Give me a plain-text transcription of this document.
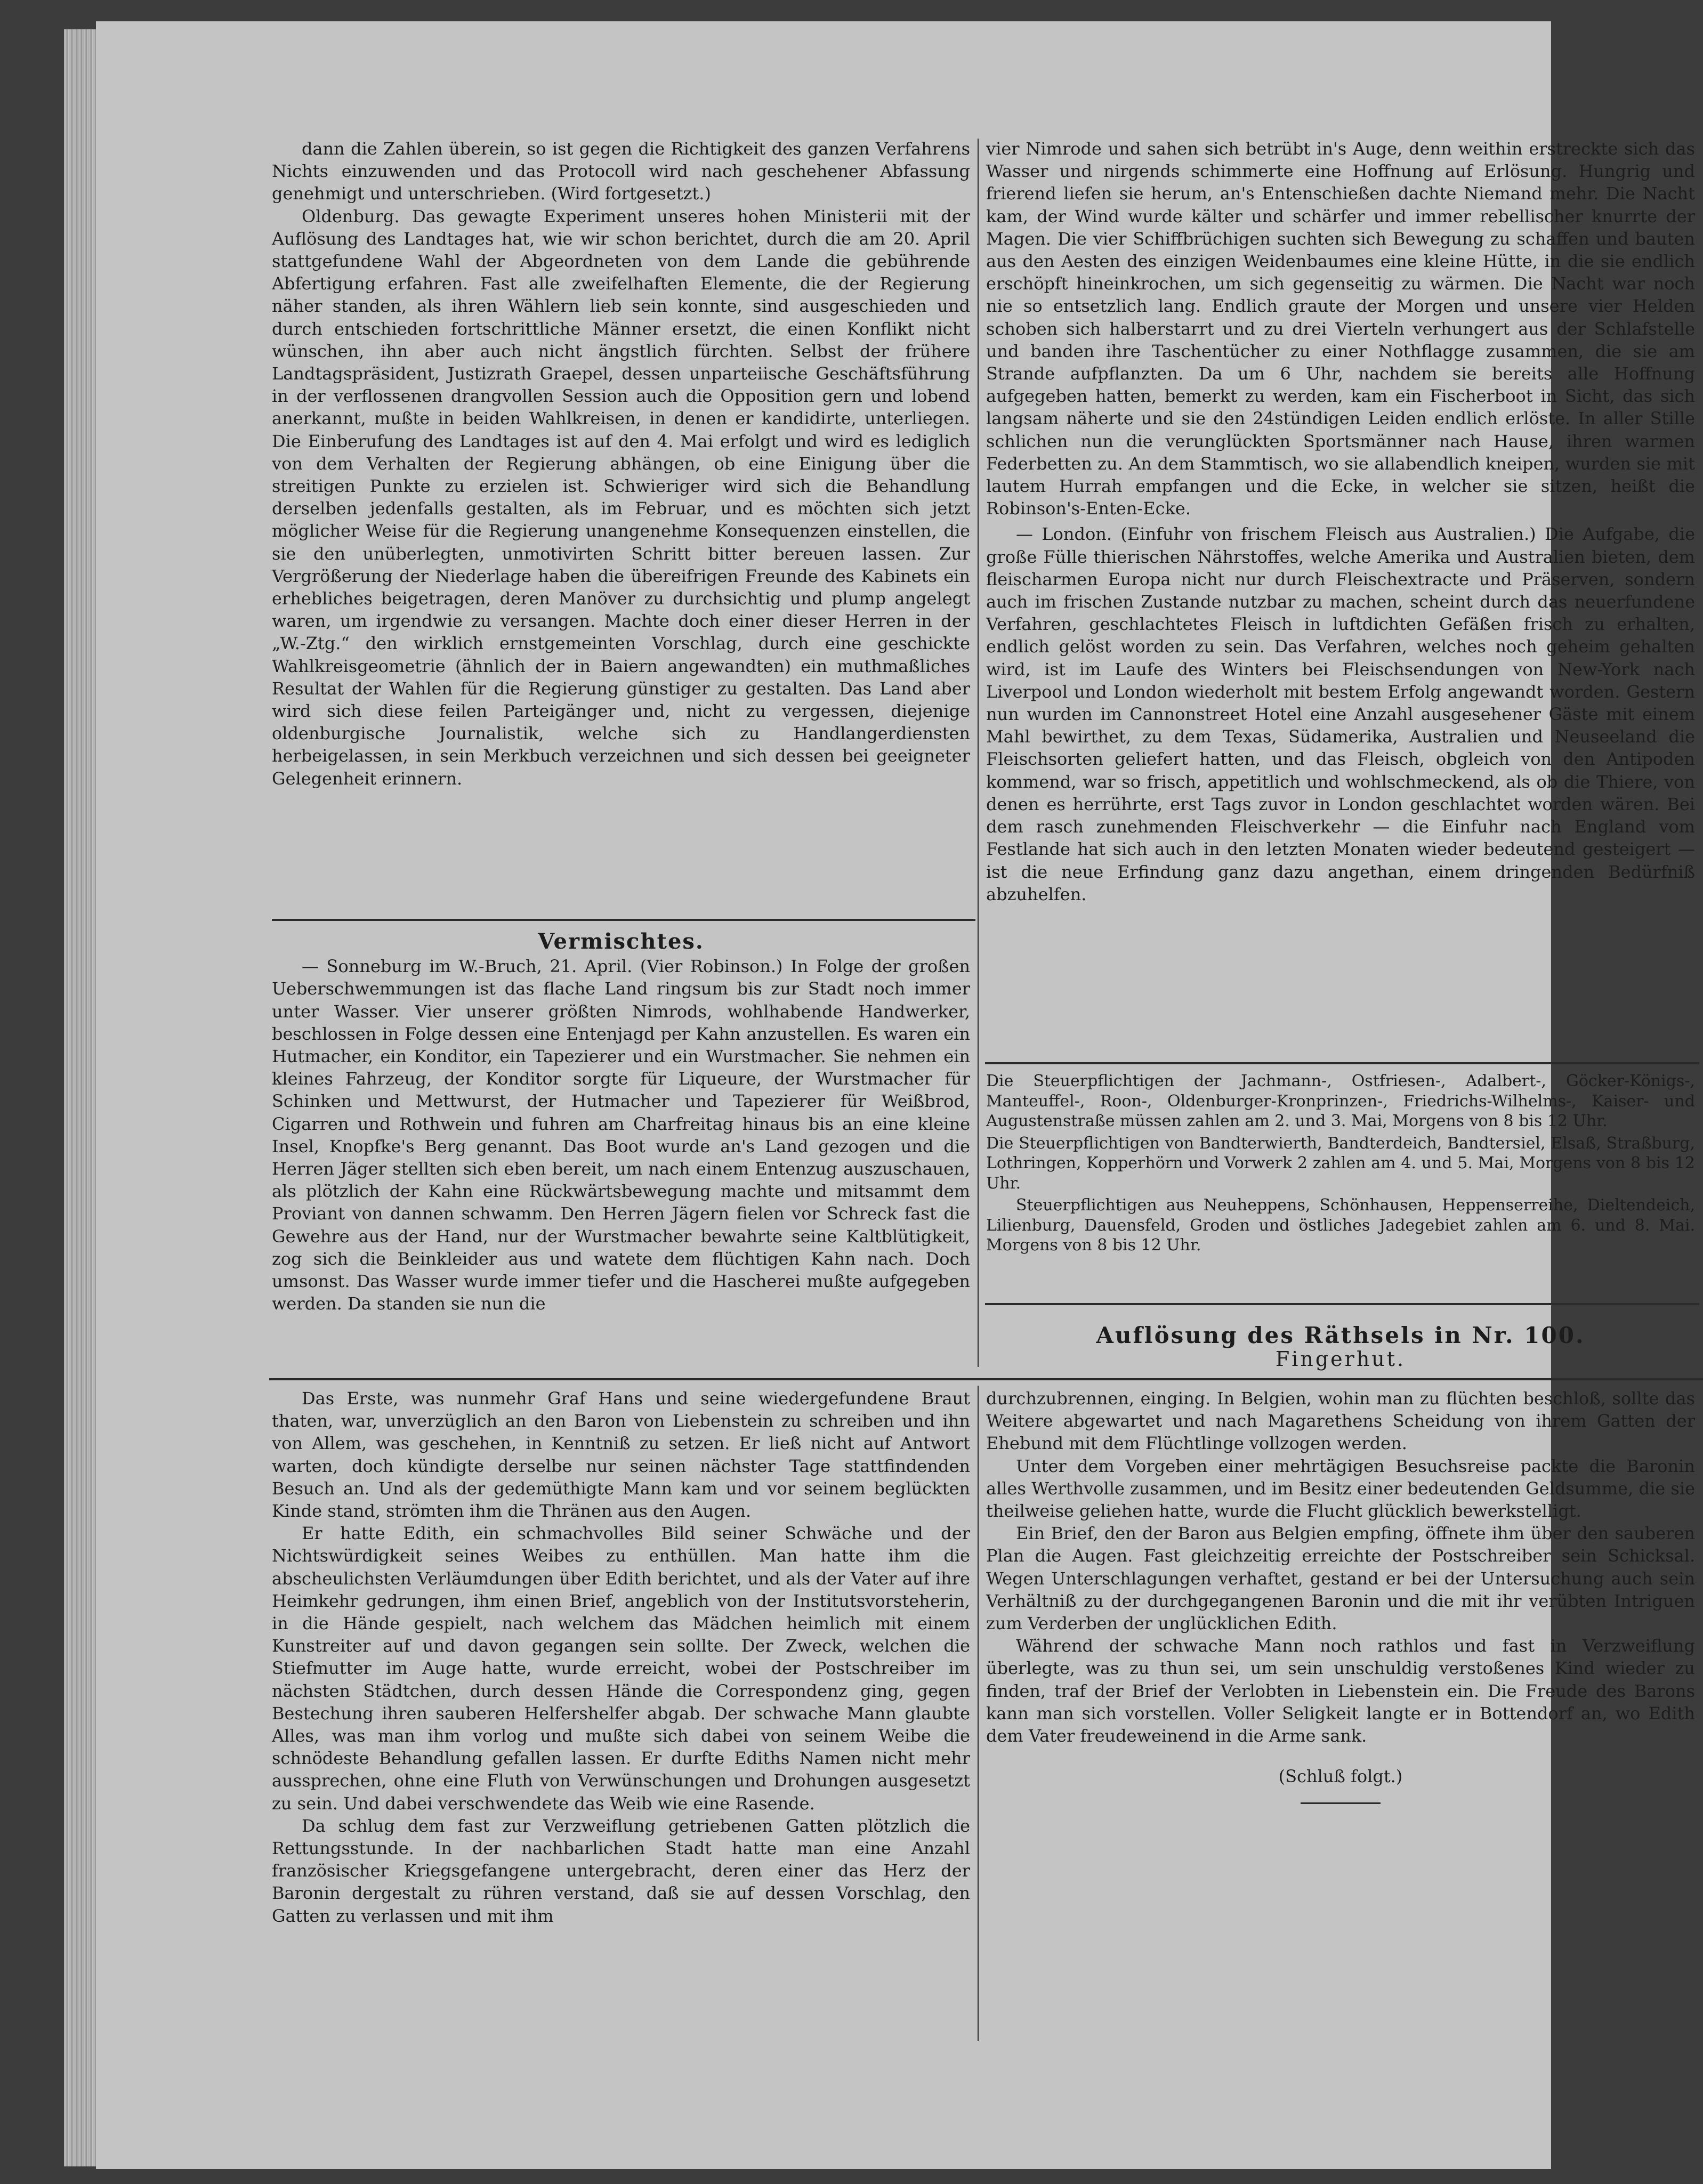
dann die Zahlen überein, so ist gegen die Richtigkeit des ganzen Verfahrens Nichts einzuwenden und das Protocoll wird nach geschehener Abfassung genehmigt und unterschrieben. (Wird fortgesetzt.)

Oldenburg. Das gewagte Experiment unseres hohen Ministerii mit der Auflösung des Landtages hat, wie wir schon berichtet, durch die am 20. April stattgefundene Wahl der Abgeordneten von dem Lande die gebührende Abfertigung erfahren. Fast alle zweifelhaften Elemente, die der Regierung näher standen, als ihren Wählern lieb sein konnte, sind ausgeschieden und durch entschieden fortschrittliche Männer ersetzt, die einen Konflikt nicht wünschen, ihn aber auch nicht ängstlich fürchten. Selbst der frühere Landtagspräsident, Justizrath Graepel, dessen unparteiische Geschäftsführung in der verflossenen drangvollen Session auch die Opposition gern und lobend anerkannt, mußte in beiden Wahlkreisen, in denen er kandidirte, unterliegen. Die Einberufung des Landtages ist auf den 4. Mai erfolgt und wird es lediglich von dem Verhalten der Regierung abhängen, ob eine Einigung über die streitigen Punkte zu erzielen ist. Schwieriger wird sich die Behandlung derselben jedenfalls gestalten, als im Februar, und es möchten sich jetzt möglicher Weise für die Regierung unangenehme Konsequenzen einstellen, die sie den unüberlegten, unmotivirten Schritt bitter bereuen lassen. Zur Vergrößerung der Niederlage haben die übereifrigen Freunde des Kabinets ein erhebliches beigetragen, deren Manöver zu durchsichtig und plump angelegt waren, um irgendwie zu versangen. Machte doch einer dieser Herren in der „W.-Ztg.“ den wirklich ernstgemeinten Vorschlag, durch eine geschickte Wahlkreisgeometrie (ähnlich der in Baiern angewandten) ein muthmaßliches Resultat der Wahlen für die Regierung günstiger zu gestalten. Das Land aber wird sich diese feilen Parteigänger und, nicht zu vergessen, diejenige oldenburgische Journalistik, welche sich zu Handlangerdiensten herbeigelassen, in sein Merkbuch verzeichnen und sich dessen bei geeigneter Gelegenheit erinnern.

Vermischtes.

— Sonneburg im W.-Bruch, 21. April. (Vier Robinson.) In Folge der großen Ueberschwemmungen ist das flache Land ringsum bis zur Stadt noch immer unter Wasser. Vier unserer größten Nimrods, wohlhabende Handwerker, beschlossen in Folge dessen eine Entenjagd per Kahn anzustellen. Es waren ein Hutmacher, ein Konditor, ein Tapezierer und ein Wurstmacher. Sie nehmen ein kleines Fahrzeug, der Konditor sorgte für Liqueure, der Wurstmacher für Schinken und Mettwurst, der Hutmacher und Tapezierer für Weißbrod, Cigarren und Rothwein und fuhren am Charfreitag hinaus bis an eine kleine Insel, Knopfke's Berg genannt. Das Boot wurde an's Land gezogen und die Herren Jäger stellten sich eben bereit, um nach einem Entenzug auszuschauen, als plötzlich der Kahn eine Rückwärtsbewegung machte und mitsammt dem Proviant von dannen schwamm. Den Herren Jägern fielen vor Schreck fast die Gewehre aus der Hand, nur der Wurstmacher bewahrte seine Kaltblütigkeit, zog sich die Beinkleider aus und watete dem flüchtigen Kahn nach. Doch umsonst. Das Wasser wurde immer tiefer und die Hascherei mußte aufgegeben werden. Da standen sie nun die

vier Nimrode und sahen sich betrübt in's Auge, denn weithin erstreckte sich das Wasser und nirgends schimmerte eine Hoffnung auf Erlösung. Hungrig und frierend liefen sie herum, an's Entenschießen dachte Niemand mehr. Die Nacht kam, der Wind wurde kälter und schärfer und immer rebellischer knurrte der Magen. Die vier Schiffbrüchigen suchten sich Bewegung zu schaffen und bauten aus den Aesten des einzigen Weidenbaumes eine kleine Hütte, in die sie endlich erschöpft hineinkrochen, um sich gegenseitig zu wärmen. Die Nacht war noch nie so entsetzlich lang. Endlich graute der Morgen und unsere vier Helden schoben sich halberstarrt und zu drei Vierteln verhungert aus der Schlafstelle und banden ihre Taschentücher zu einer Nothflagge zusammen, die sie am Strande aufpflanzten. Da um 6 Uhr, nachdem sie bereits alle Hoffnung aufgegeben hatten, bemerkt zu werden, kam ein Fischerboot in Sicht, das sich langsam näherte und sie den 24stündigen Leiden endlich erlöste. In aller Stille schlichen nun die verunglückten Sportsmänner nach Hause, ihren warmen Federbetten zu. An dem Stammtisch, wo sie allabendlich kneipen, wurden sie mit lautem Hurrah empfangen und die Ecke, in welcher sie sitzen, heißt die Robinson's-Enten-Ecke.

— London. (Einfuhr von frischem Fleisch aus Australien.) Die Aufgabe, die große Fülle thierischen Nährstoffes, welche Amerika und Australien bieten, dem fleischarmen Europa nicht nur durch Fleischextracte und Präserven, sondern auch im frischen Zustande nutzbar zu machen, scheint durch das neuerfundene Verfahren, geschlachtetes Fleisch in luftdichten Gefäßen frisch zu erhalten, endlich gelöst worden zu sein. Das Verfahren, welches noch geheim gehalten wird, ist im Laufe des Winters bei Fleischsendungen von New-York nach Liverpool und London wiederholt mit bestem Erfolg angewandt worden. Gestern nun wurden im Cannonstreet Hotel eine Anzahl ausgesehener Gäste mit einem Mahl bewirthet, zu dem Texas, Südamerika, Australien und Neuseeland die Fleischsorten geliefert hatten, und das Fleisch, obgleich von den Antipoden kommend, war so frisch, appetitlich und wohlschmeckend, als ob die Thiere, von denen es herrührte, erst Tags zuvor in London geschlachtet worden wären. Bei dem rasch zunehmenden Fleischverkehr — die Einfuhr nach England vom Festlande hat sich auch in den letzten Monaten wieder bedeutend gesteigert — ist die neue Erfindung ganz dazu angethan, einem dringenden Bedürfniß abzuhelfen.

Die Steuerpflichtigen der Jachmann-, Ostfriesen-, Adalbert-, Göcker-Königs-, Manteuffel-, Roon-, Oldenburger-Kronprinzen-, Friedrichs-Wilhelms-, Kaiser- und Augustenstraße müssen zahlen am 2. und 3. Mai, Morgens von 8 bis 12 Uhr.

Die Steuerpflichtigen von Bandterwierth, Bandterdeich, Bandtersiel, Elsaß, Straßburg, Lothringen, Kopperhörn und Vorwerk 2 zahlen am 4. und 5. Mai, Morgens von 8 bis 12 Uhr.

Steuerpflichtigen aus Neuheppens, Schönhausen, Heppenserreihe, Dieltendeich, Lilienburg, Dauensfeld, Groden und östliches Jadegebiet zahlen am 6. und 8. Mai. Morgens von 8 bis 12 Uhr.

Auflösung des Räthsels in Nr. 100.
Fingerhut.

Das Erste, was nunmehr Graf Hans und seine wiedergefundene Braut thaten, war, unverzüglich an den Baron von Liebenstein zu schreiben und ihn von Allem, was geschehen, in Kenntniß zu setzen. Er ließ nicht auf Antwort warten, doch kündigte derselbe nur seinen nächster Tage stattfindenden Besuch an. Und als der gedemüthigte Mann kam und vor seinem beglückten Kinde stand, strömten ihm die Thränen aus den Augen.

Er hatte Edith, ein schmachvolles Bild seiner Schwäche und der Nichtswürdigkeit seines Weibes zu enthüllen. Man hatte ihm die abscheulichsten Verläumdungen über Edith berichtet, und als der Vater auf ihre Heimkehr gedrungen, ihm einen Brief, angeblich von der Institutsvorsteherin, in die Hände gespielt, nach welchem das Mädchen heimlich mit einem Kunstreiter auf und davon gegangen sein sollte. Der Zweck, welchen die Stiefmutter im Auge hatte, wurde erreicht, wobei der Postschreiber im nächsten Städtchen, durch dessen Hände die Correspondenz ging, gegen Bestechung ihren sauberen Helfershelfer abgab. Der schwache Mann glaubte Alles, was man ihm vorlog und mußte sich dabei von seinem Weibe die schnödeste Behandlung gefallen lassen. Er durfte Ediths Namen nicht mehr aussprechen, ohne eine Fluth von Verwünschungen und Drohungen ausgesetzt zu sein. Und dabei verschwendete das Weib wie eine Rasende.

Da schlug dem fast zur Verzweiflung getriebenen Gatten plötzlich die Rettungsstunde. In der nachbarlichen Stadt hatte man eine Anzahl französischer Kriegsgefangene untergebracht, deren einer das Herz der Baronin dergestalt zu rühren verstand, daß sie auf dessen Vorschlag, den Gatten zu verlassen und mit ihm

durchzubrennen, einging. In Belgien, wohin man zu flüchten beschloß, sollte das Weitere abgewartet und nach Magarethens Scheidung von ihrem Gatten der Ehebund mit dem Flüchtlinge vollzogen werden.

Unter dem Vorgeben einer mehrtägigen Besuchsreise packte die Baronin alles Werthvolle zusammen, und im Besitz einer bedeutenden Geldsumme, die sie theilweise geliehen hatte, wurde die Flucht glücklich bewerkstelligt.

Ein Brief, den der Baron aus Belgien empfing, öffnete ihm über den sauberen Plan die Augen. Fast gleichzeitig erreichte der Postschreiber sein Schicksal. Wegen Unterschlagungen verhaftet, gestand er bei der Untersuchung auch sein Verhältniß zu der durchgegangenen Baronin und die mit ihr verübten Intriguen zum Verderben der unglücklichen Edith.

Während der schwache Mann noch rathlos und fast in Verzweiflung überlegte, was zu thun sei, um sein unschuldig verstoßenes Kind wieder zu finden, traf der Brief der Verlobten in Liebenstein ein. Die Freude des Barons kann man sich vorstellen. Voller Seligkeit langte er in Bottendorf an, wo Edith dem Vater freudeweinend in die Arme sank.

(Schluß folgt.)
